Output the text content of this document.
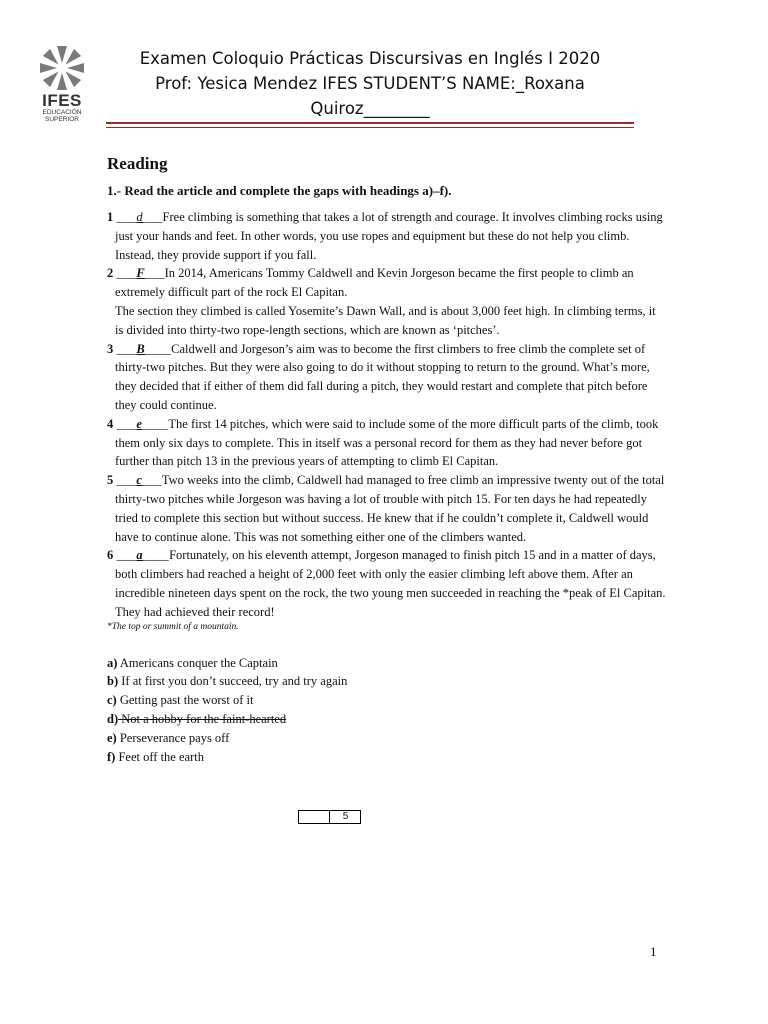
IFES
EDUCACIÓN
SUPERIOR
Examen Coloquio Prácticas Discursivas en Inglés I 2020
Prof: Yesica Mendez IFES STUDENT’S NAME:_Roxana
Quiroz________
Reading
1.- Read the article and complete the gaps with headings a)–f).

1 ___d___Free climbing is something that takes a lot of strength and courage. It involves climbing rocks using just your hands and feet. In other words, you use ropes and equipment but these do not help you climb. Instead, they provide support if you fall.

2 ___F___In 2014, Americans Tommy Caldwell and Kevin Jorgeson became the first people to climb an extremely difficult part of the rock El Capitan.

The section they climbed is called Yosemite’s Dawn Wall, and is about 3,000 feet high. In climbing terms, it is divided into thirty-two rope-length sections, which are known as ‘pitches’.

3 ___B____Caldwell and Jorgeson’s aim was to become the first climbers to free climb the complete set of thirty-two pitches. But they were also going to do it without stopping to return to the ground. What’s more, they decided that if either of them did fall during a pitch, they would restart and complete that pitch before they could continue.

4 ___e____The first 14 pitches, which were said to include some of the more difficult parts of the climb, took them only six days to complete. This in itself was a personal record for them as they had never before got further than pitch 13 in the previous years of attempting to climb El Capitan.

5 ___c___Two weeks into the climb, Caldwell had managed to free climb an impressive twenty out of the total thirty-two pitches while Jorgeson was having a lot of trouble with pitch 15. For ten days he had repeatedly tried to complete this section but without success. He knew that if he couldn’t complete it, Caldwell would have to continue alone. This was not something either one of the climbers wanted.

6 ___a____Fortunately, on his eleventh attempt, Jorgeson managed to finish pitch 15 and in a matter of days, both climbers had reached a height of 2,000 feet with only the easier climbing left above them. After an incredible nineteen days spent on the rock, the two young men succeeded in reaching the *peak of El Capitan. They had achieved their record!

*The top or summit of a mountain.
a) Americans conquer the Captain
b) If at first you don’t succeed, try and try again
c) Getting past the worst of it
d) Not a hobby for the faint-hearted
e) Perseverance pays off
f) Feet off the earth
5
1
